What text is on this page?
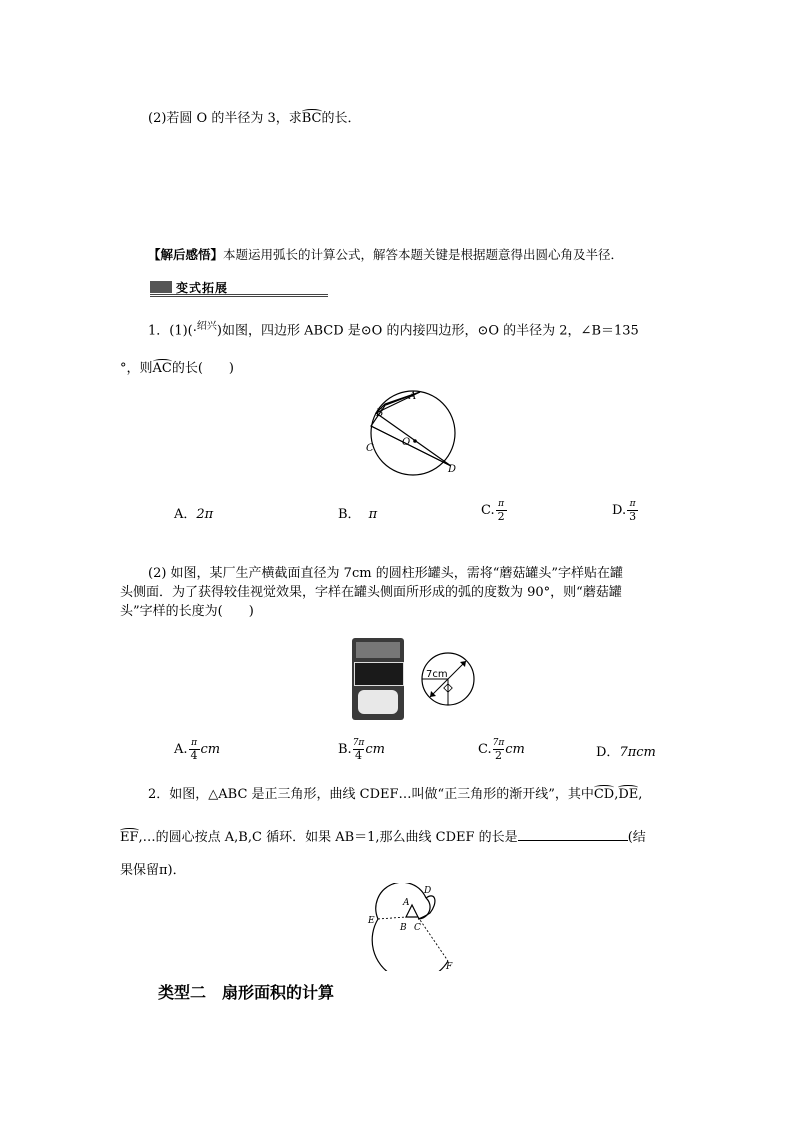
(2)若圆 O 的半径为 3，求BC的长．
【解后感悟】本题运用弧长的计算公式，解答本题关键是根据题意得出圆心角及半径．
变式拓展
1．(1)(·$^{绍兴}$)如图，四边形 ABCD 是⊙O 的内接四边形，⊙O 的半径为 2，∠B＝135
°，则AC的长(　　)
A
B
C
D
O
A．2π	B． π	C. $\frac{\pi}{2}$	D. $\frac{\pi}{3}$
(2) 如图，某厂生产横截面直径为 7cm 的圆柱形罐头，需将“蘑菇罐头”字样贴在罐
头侧面．为了获得较佳视觉效果，字样在罐头侧面所形成的弧的度数为 90°，则“蘑菇罐
头”字样的长度为(　　)
7cm
A. $\frac{\pi}{4}$ cm	B. $\frac{7\pi}{4}$ cm	C. $\frac{7\pi}{2}$ cm	D．7πcm
2．如图，△ABC 是正三角形，曲线 CDEF…叫做“正三角形的渐开线”，其中CD,DE,
EF,…的圆心按点 A,B,C 循环．如果 AB＝1,那么曲线 CDEF 的长是	(结
果保留π)．
A
B C
D
E
F
类型二　扇形面积的计算
